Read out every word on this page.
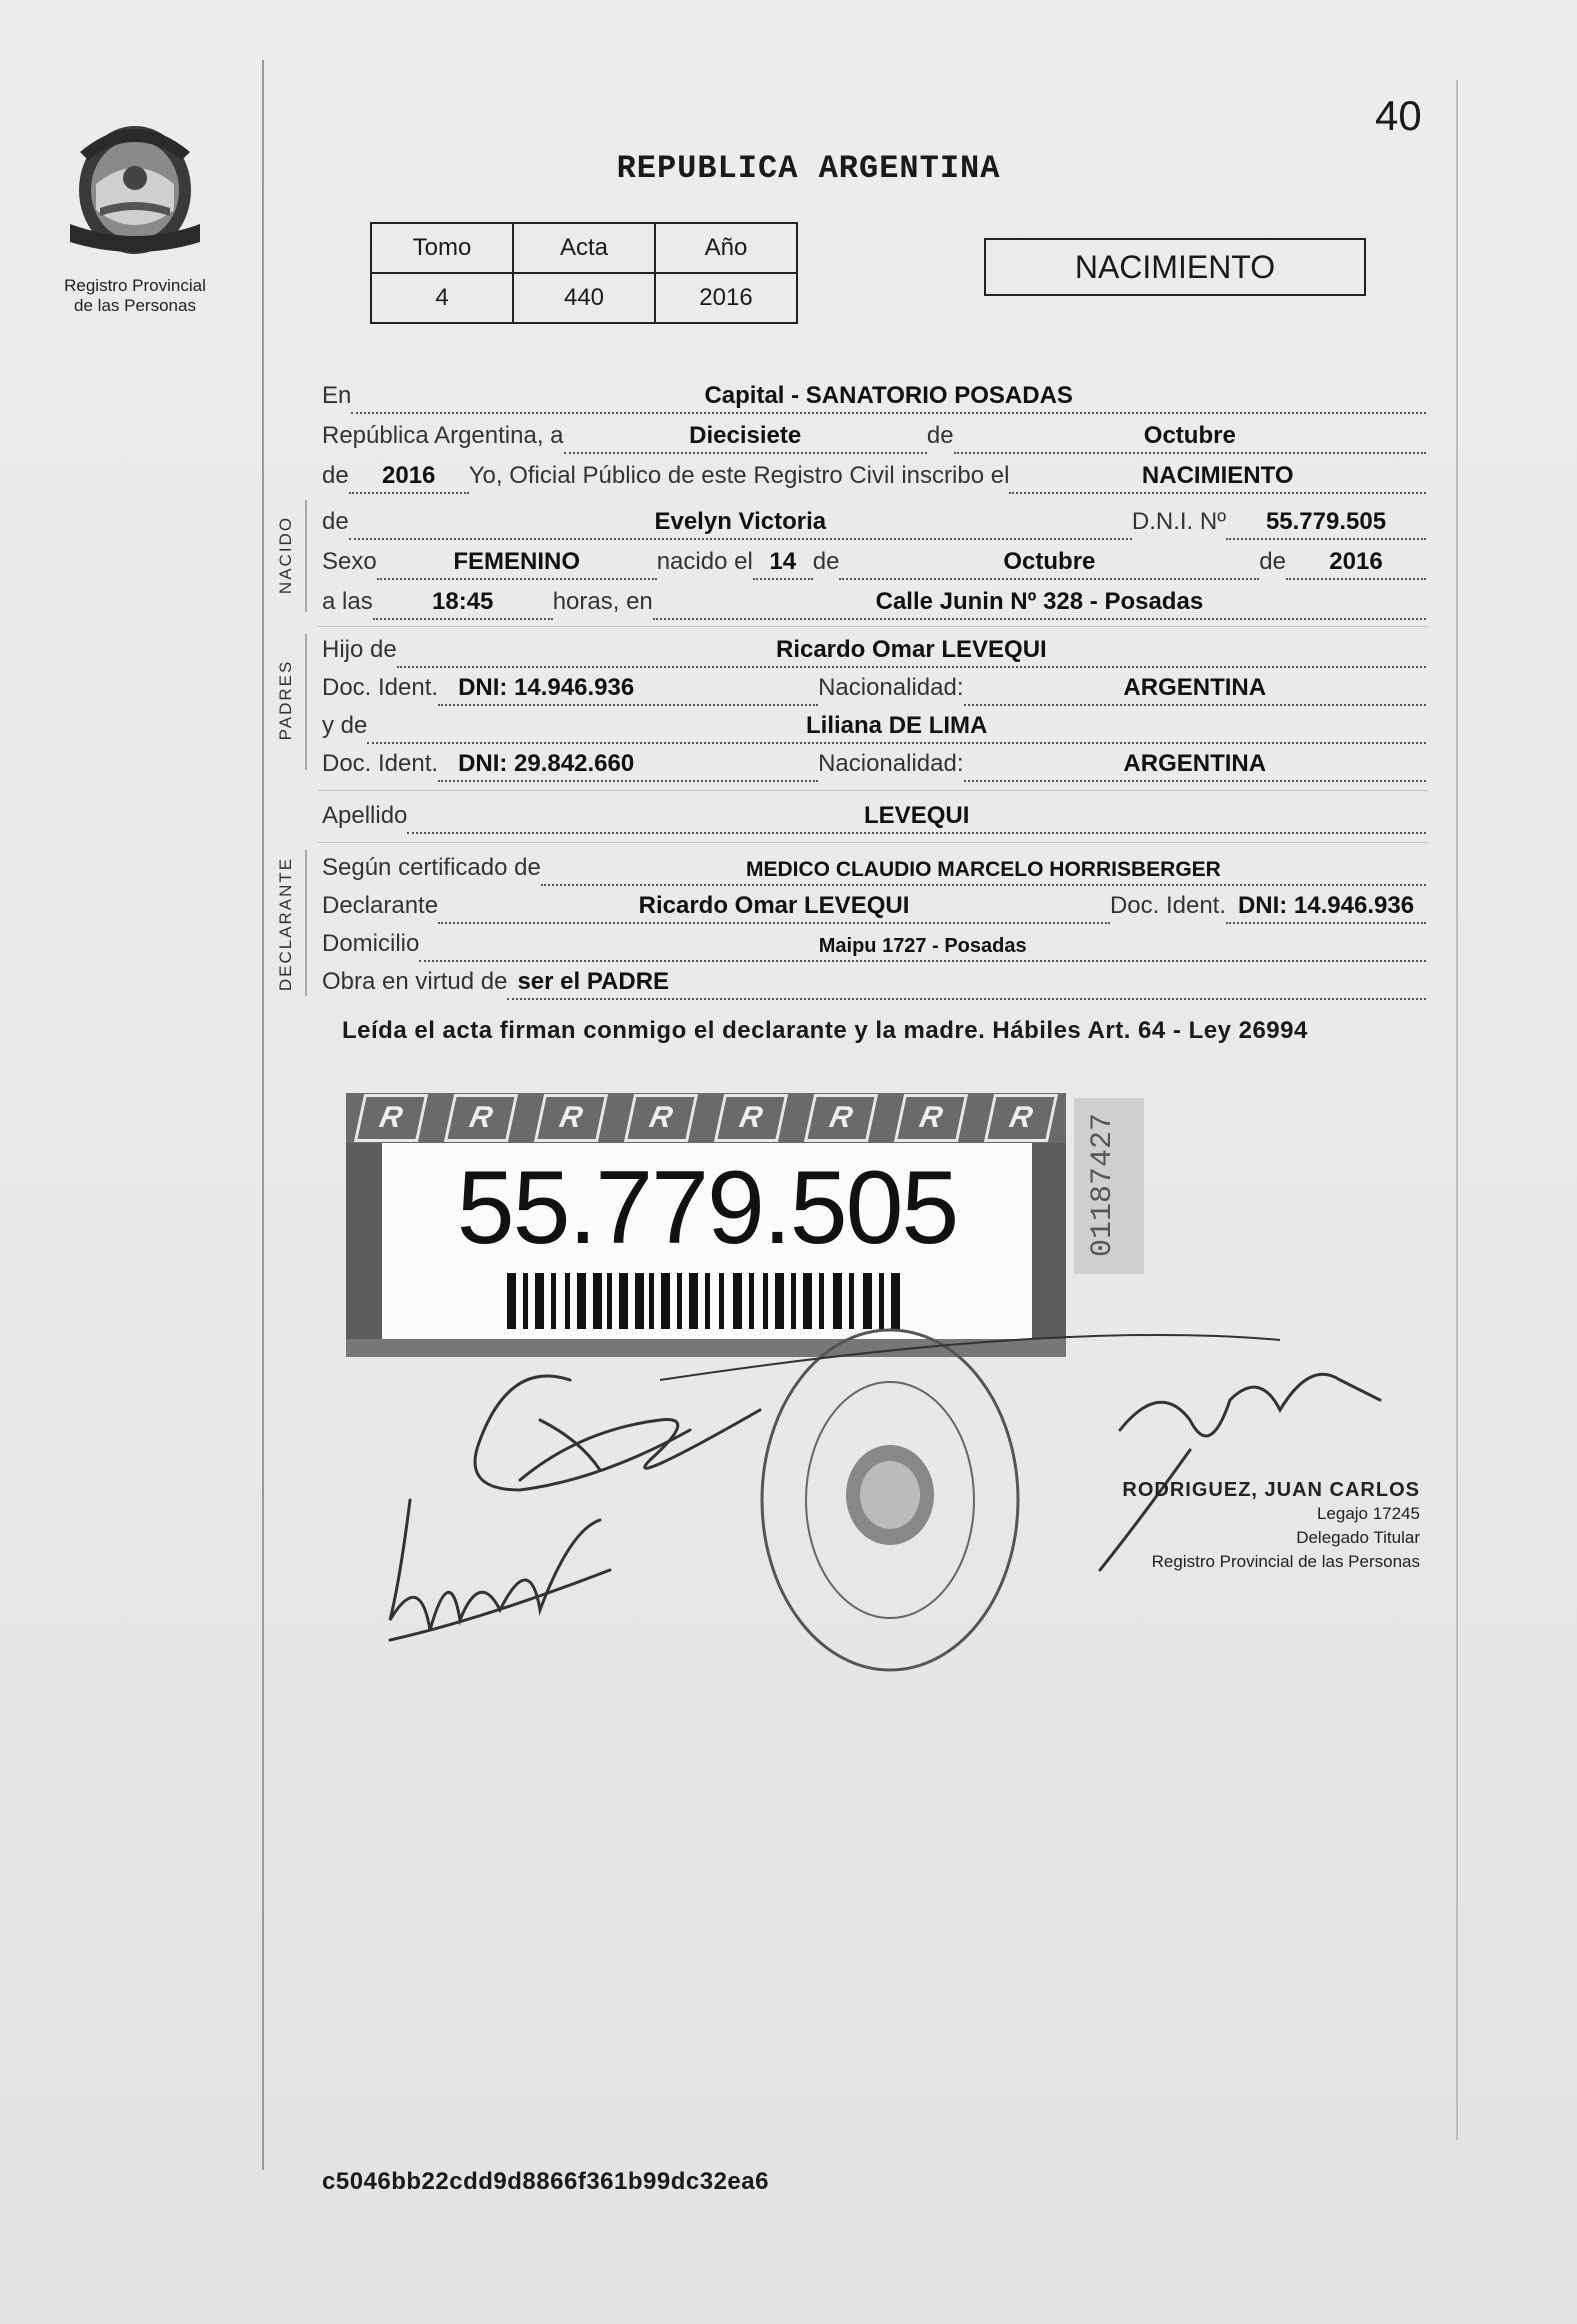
40
Registro Provincial
de las Personas
REPUBLICA ARGENTINA
Tomo	Acta	Año
4	440	2016
NACIMIENTO
En	Capital - SANATORIO POSADAS
República Argentina, a	Diecisiete	de	Octubre
de	2016	Yo, Oficial Público de este Registro Civil inscribo el	NACIMIENTO
NACIDO de	Evelyn Victoria	D.N.I. Nº	55.779.505
Sexo	FEMENINO	nacido el 14 de	Octubre	de	2016
a las	18:45	horas, en	Calle Junin Nº 328 - Posadas
PADRES
Hijo de	Ricardo Omar LEVEQUI
Doc. Ident. DNI: 14.946.936	Nacionalidad:	ARGENTINA
y de	Liliana DE LIMA
Doc. Ident. DNI: 29.842.660	Nacionalidad:	ARGENTINA
Apellido	LEVEQUI
DECLARANTE Según certificado de	MEDICO CLAUDIO MARCELO HORRISBERGER
Declarante	Ricardo Omar LEVEQUI	Doc. Ident. DNI: 14.946.936
Domicilio	Maipu 1727 - Posadas
Obra en virtud de ser el PADRE
Leída el acta firman conmigo el declarante y la madre. Hábiles Art. 64 - Ley 26994
R	R	R	R	R	R	R	R
55.779.505	01187427
RODRIGUEZ, JUAN CARLOS
Legajo 17245
Delegado Titular
Registro Provincial de las Personas
c5046bb22cdd9d8866f361b99dc32ea6
